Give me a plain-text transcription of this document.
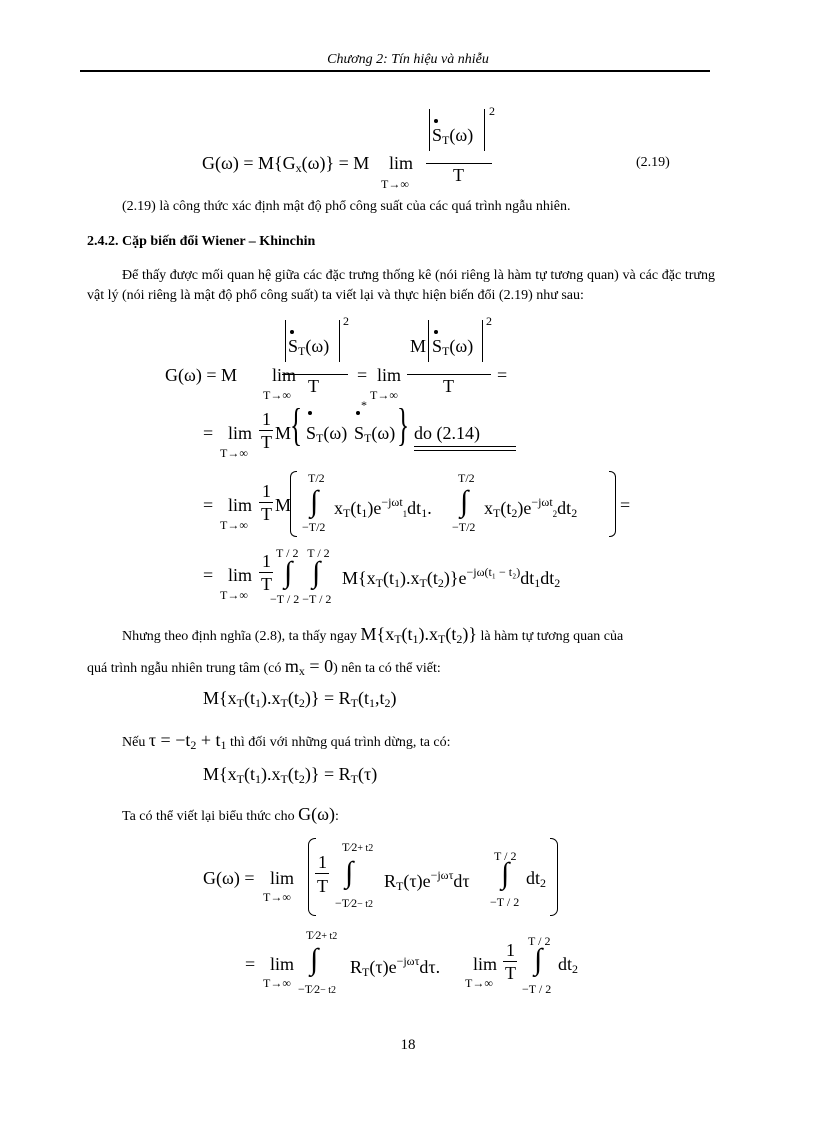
Chương 2: Tín hiệu và nhiễu
$G(\omega) = M\{G_x(\omega)\} = M$ lim
T→∞
$S_T(\omega)$
2
T
(2.19)
(2.19) là công thức xác định mật độ phổ công suất của các quá trình ngẫu nhiên.
2.4.2. Cặp biến đổi Wiener – Khinchin
Để thấy được mối quan hệ giữa các đặc trưng thống kê (nói riêng là hàm tự tương quan) và các đặc trưng vật lý (nói riêng là mật độ phổ công suất) ta viết lại và thực hiện biến đổi (2.19) như sau:
G(ω) = M lim
T→∞
$S_T(\omega)$
2
T
= lim
T→∞
M $S_T(\omega)$
2
T
=
= lim
T→∞
1
T M
{ $S_T(\omega)$
*
$S_T(\omega)$ } do (2.14)
= lim
T→∞
1
T M
T/2
∫
−T/2
$x_T(t_1)e^{-j\omega t}_1dt_1$.
T/2
∫
−T/2
$x_T(t_2)e^{-j\omega t}_2dt_2$ =
= lim
T→∞
1
T
T / 2   T / 2
∫ ∫
−T / 2 −T / 2
$M\{x_T(t_1).x_T(t_2)\}e^{-j\omega(t_1 - t_2)}dt_1dt_2$
Nhưng theo định nghĩa (2.8), ta thấy ngay $M\{x_T(t_1).x_T(t_2)\}$ là hàm tự tương quan của
quá trình ngẫu nhiên trung tâm (có $m_x = 0$) nên ta có thể viết:
$M\{x_T(t_1).x_T(t_2)\} = R_T(t_1,t_2)$
Nếu $\tau = -t_2 + t_1$ thì đối với những quá trình dừng, ta có:
$M\{x_T(t_1).x_T(t_2)\} = R_T(\tau)$
Ta có thể viết lại biểu thức cho G(ω):
G(ω) = lim
T→∞
1
T
T⁄2+ t2
∫
−T⁄2− t2
$R_T(\tau)e^{-j\omega\tau}d\tau$
T / 2
∫
−T / 2
$dt_2$
= lim
T→∞
T⁄2+ t2
∫
−T⁄2− t2
$R_T(\tau)e^{-j\omega\tau}d\tau$. lim
T→∞
1
T
T / 2
∫
−T / 2
$dt_2$
18
